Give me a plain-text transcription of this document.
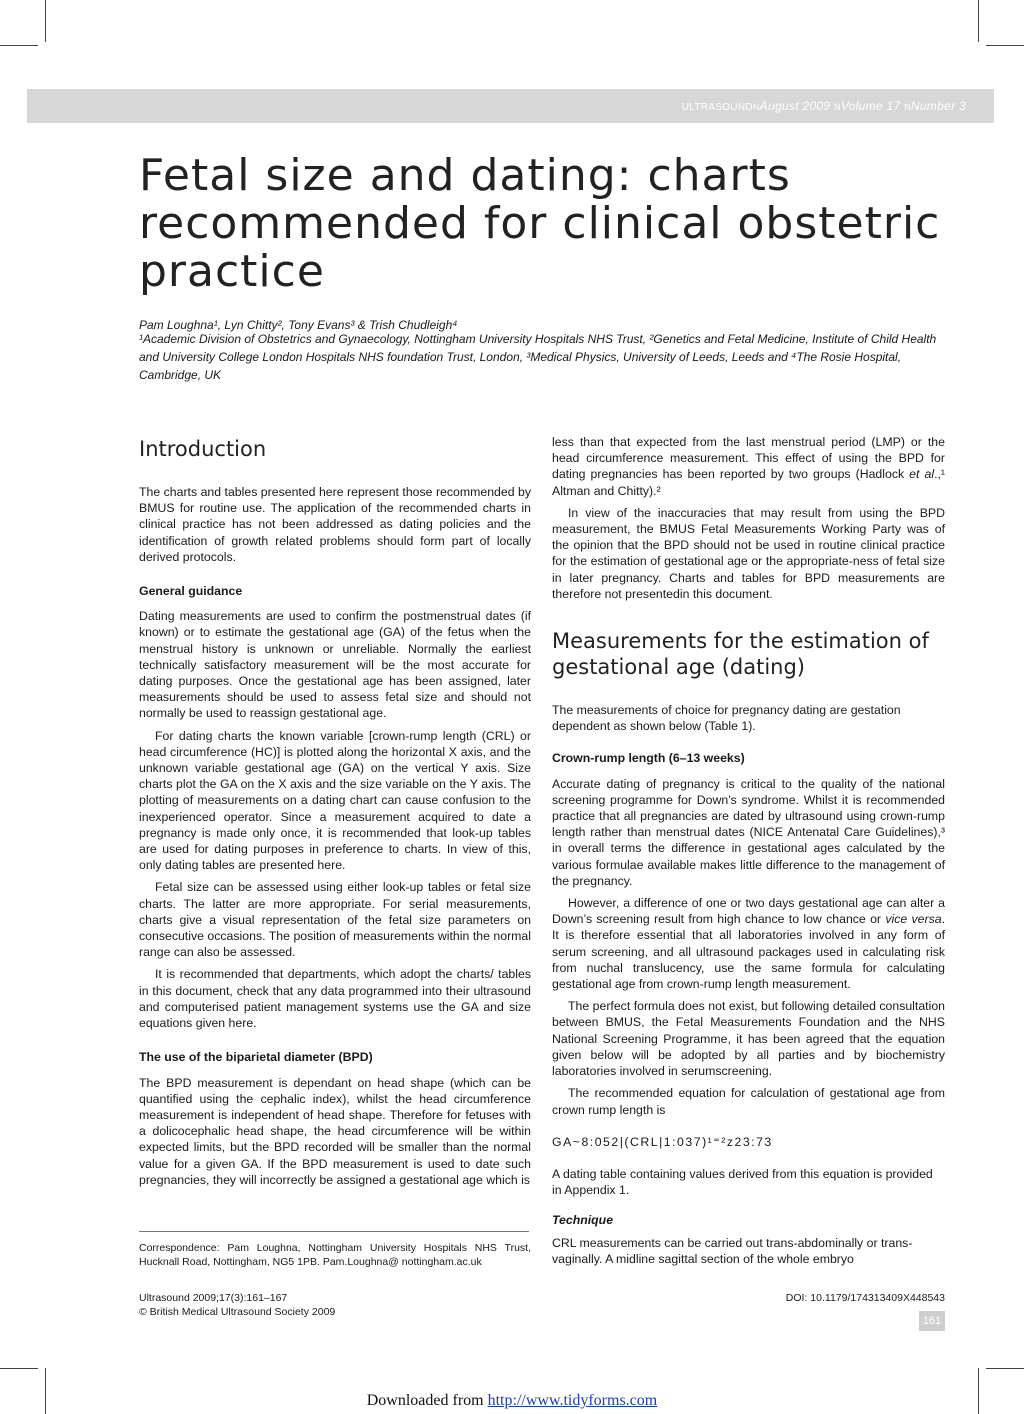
ULTRASOUNDNAugust 2009 NVolume 17 NNumber 3
Fetal size and dating: charts recommended for clinical obstetric practice
Pam Loughna¹, Lyn Chitty², Tony Evans³ & Trish Chudleigh⁴
¹Academic Division of Obstetrics and Gynaecology, Nottingham University Hospitals NHS Trust, ²Genetics and Fetal Medicine, Institute of Child Health and University College London Hospitals NHS foundation Trust, London, ³Medical Physics, University of Leeds, Leeds and ⁴The Rosie Hospital, Cambridge, UK
Introduction

The charts and tables presented here represent those recommended by BMUS for routine use. The application of the recommended charts in clinical practice has not been addressed as dating policies and the identification of growth related problems should form part of locally derived protocols.

General guidance

Dating measurements are used to confirm the postmenstrual dates (if known) or to estimate the gestational age (GA) of the fetus when the menstrual history is unknown or unreliable. Normally the earliest technically satisfactory measurement will be the most accurate for dating purposes. Once the gestational age has been assigned, later measurements should be used to assess fetal size and should not normally be used to reassign gestational age.

For dating charts the known variable [crown-rump length (CRL) or head circumference (HC)] is plotted along the horizontal X axis, and the unknown variable gestational age (GA) on the vertical Y axis. Size charts plot the GA on the X axis and the size variable on the Y axis. The plotting of measurements on a dating chart can cause confusion to the inexperienced operator. Since a measurement acquired to date a pregnancy is made only once, it is recommended that look-up tables are used for dating purposes in preference to charts. In view of this, only dating tables are presented here.

Fetal size can be assessed using either look-up tables or fetal size charts. The latter are more appropriate. For serial measurements, charts give a visual representation of the fetal size parameters on consecutive occasions. The position of measurements within the normal range can also be assessed.

It is recommended that departments, which adopt the charts/ tables in this document, check that any data programmed into their ultrasound and computerised patient management systems use the GA and size equations given here.

The use of the biparietal diameter (BPD)

The BPD measurement is dependant on head shape (which can be quantified using the cephalic index), whilst the head circumference measurement is independent of head shape. Therefore for fetuses with a dolicocephalic head shape, the head circumference will be within expected limits, but the BPD recorded will be smaller than the normal value for a given GA. If the BPD measurement is used to date such pregnancies, they will incorrectly be assigned a gestational age which is

less than that expected from the last menstrual period (LMP) or the head circumference measurement. This effect of using the BPD for dating pregnancies has been reported by two groups (Hadlock et al.,¹ Altman and Chitty).²

In view of the inaccuracies that may result from using the BPD measurement, the BMUS Fetal Measurements Working Party was of the opinion that the BPD should not be used in routine clinical practice for the estimation of gestational age or the appropriate-ness of fetal size in later pregnancy. Charts and tables for BPD measurements are therefore not presentedin this document.

Measurements for the estimation of gestational age (dating)

The measurements of choice for pregnancy dating are gestation dependent as shown below (Table 1).

Crown-rump length (6–13 weeks)

Accurate dating of pregnancy is critical to the quality of the national screening programme for Down’s syndrome. Whilst it is recommended practice that all pregnancies are dated by ultrasound using crown-rump length rather than menstrual dates (NICE Antenatal Care Guidelines),³ in overall terms the difference in gestational ages calculated by the various formulae available makes little difference to the management of the pregnancy.

However, a difference of one or two days gestational age can alter a Down’s screening result from high chance to low chance or vice versa. It is therefore essential that all laboratories involved in any form of serum screening, and all ultrasound packages used in calculating risk from nuchal translucency, use the same formula for calculating gestational age from crown-rump length measurement.

The perfect formula does not exist, but following detailed consultation between BMUS, the Fetal Measurements Foundation and the NHS National Screening Programme, it has been agreed that the equation given below will be adopted by all parties and by biochemistry laboratories involved in serumscreening.

The recommended equation for calculation of gestational age from crown rump length is

GA~8:052|(CRL|1:037)¹⁼²z23:73

A dating table containing values derived from this equation is provided in Appendix 1.

Technique

CRL measurements can be carried out trans-abdominally or trans-vaginally. A midline sagittal section of the whole embryo

Correspondence: Pam Loughna, Nottingham University Hospitals NHS Trust, Hucknall Road, Nottingham, NG5 1PB. Pam.Loughna@ nottingham.ac.uk
Ultrasound 2009;17(3):161–167
© British Medical Ultrasound Society 2009
DOI: 10.1179/174313409X448543
161
Downloaded from http://www.tidyforms.com
